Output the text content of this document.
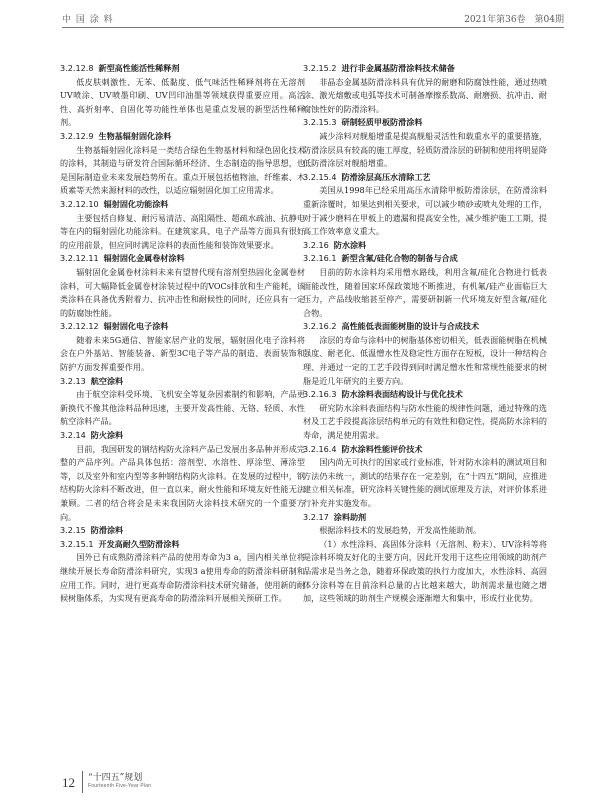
中 国 涂 料	2021年第36卷　第04期
3.2.12.8 新型高性能活性稀释剂

低皮肤刺激性、无苯、低黏度、低气味活性稀释剂将在无溶剂UV喷涂、UV喷墨印刷、UV凹印油墨等领域获得重要应用。高活性、高折射率、自固化等功能性单体也是重点发展的新型活性稀释剂。

3.2.12.9 生物基辐射固化涂料

生物基辐射固化涂料是一类结合绿色生物基材料和绿色固化技术的涂料，其制造与研发符合国际循环经济、生态制造的指导思想，也是国际制造业未来发展趋势所在。重点开展包括植物油、纤维素、木质素等天然来源材料的改性，以适应辐射固化加工应用需求。

3.2.12.10 辐射固化功能涂料

主要包括自修复、耐污易清洁、高阻隔性、超疏水疏油、抗静电等在内的辐射固化功能涂料。在建筑家具、电子产品等方面具有很好的应用前景，但应同时满足涂料的表面性能和装饰效果要求。

3.2.12.11 辐射固化金属卷材涂料

辐射固化金属卷材涂料未来有望替代现有溶剂型热固化金属卷材涂料，可大幅降低金属卷材涂装过程中的VOCs排放和生产能耗，该类涂料在具备优秀附着力、抗冲击性和耐候性的同时，还应具有一定的防腐蚀性能。

3.2.12.12 辐射固化电子涂料

随着未来5G通信、智能家居产业的发展，辐射固化电子涂料将会在户外基站、智能装备、新型3C电子等产品的制造、表面装饰和防护方面发挥重要作用。

3.2.13 航空涂料

由于航空涂料受环境、飞机安全等复杂因素制约和影响，产品更新换代不像其他涂料品种迅速，主要开发高性能、无铬、轻质、水性航空涂料产品。

3.2.14 防火涂料

目前，我国研发的钢结构防火涂料产品已发展出多品种并形成完整的产品序列。产品具体包括：溶剂型、水溶性、厚涂型、薄涂型等，以及室外和室内型等多种钢结构防火涂料。在发展的过程中，钢结构防火涂料不断改进，但一直以来，耐火性能和环境友好性能无法兼顾。二者的结合将会是未来我国防火涂料技术研究的一个重要方向。

3.2.15 防滑涂料
3.2.15.1 开发高耐久型防滑涂料

国外已有成熟防滑涂料产品的使用寿命为3 a，国内相关单位将继续开展长寿命防滑涂料研究，实现3 a使用寿命的防滑涂料研制和应用工作。同时，进行更高寿命防滑涂料技术研究储备，使用新的耐候树脂体系，为实现有更高寿命的防滑涂料开展相关预研工作。

3.2.15.2 进行非金属基防滑涂料技术储备

非晶态金属基防滑涂料具有优异的耐磨和防腐蚀性能，通过热喷涂、激光熔敷或电弧等技术可制备摩擦系数高、耐磨损、抗冲击、耐腐蚀性好的防滑涂料。

3.2.15.3 研制轻质甲板防滑涂料

减少涂料对舰船增重是提高舰船灵活性和载重水平的重要措施，防滑涂层具有较高的施工厚度，轻质防滑涂层的研制和使用将明显降低防滑涂层对舰船增重。

3.2.15.4 防滑涂层高压水清除工艺

美国从1998年已经采用高压水清除甲板防滑涂层，在防滑涂料重新涂覆时，如果达到相关要求，可以减少喷砂或喷丸处理的工作，对于减少磨料在甲板上的遗漏和提高安全性，减少维护施工工期，提高工作效率意义重大。

3.2.16 防水涂料
3.2.16.1 新型含氟/硅化合物的制备与合成

目前的防水涂料均采用憎水路线，利用含氟/硅化合物进行低表面能改性，随着国家环保政策地不断推进，有机氟/硅产业面临巨大压力，产品线收缩甚至停产，需要研制新一代环境友好型含氟/硅化合物。

3.2.16.2 高性能低表面能树脂的设计与合成技术

涂层的寿命与涂料中的树脂基体密切相关，低表面能树脂在机械强度、耐老化、低温憎水性及稳定性方面存在短板，设计一种结构合理、并通过一定的工艺手段得到同时满足憎水性和常规性能要求的树脂是近几年研究的主要方向。

3.2.16.3 防水涂料表面结构设计与优化技术

研究防水涂料表面结构与防水性能的规律性问题，通过特殊的选材及工艺手段提高涂层结构单元的有效性和稳定性，提高防水涂料的寿命，满足使用需求。

3.2.16.4 防水涂料性能评价技术

国内尚无可执行的国家或行业标准，针对防水涂料的测试项目和方法仍未统一，测试的结果存在一定差别，在“十四五”期间，应推进建立相关标准，研究涂料关键性能的测试原理及方法，对评价体系进行补充并实施发布。

3.2.17 涂料助剂

根据涂料技术的发展趋势，开发高性能助剂。

（1）水性涂料、高固体分涂料（无溶剂、粉末）、UV涂料等将是涂料环境友好化的主要方向，因此开发用于这些应用领域的助剂产品需求是当务之急，随着环保政策的执行力度加大，水性涂料、高固体分涂料等在目前涂料总量的占比越来越大，助剂需求量也随之增加，这些领域的助剂生产规模会逐渐增大和集中，形成行业优势。

12 “十四五”规划
Fourteenth Five-Year Plan
